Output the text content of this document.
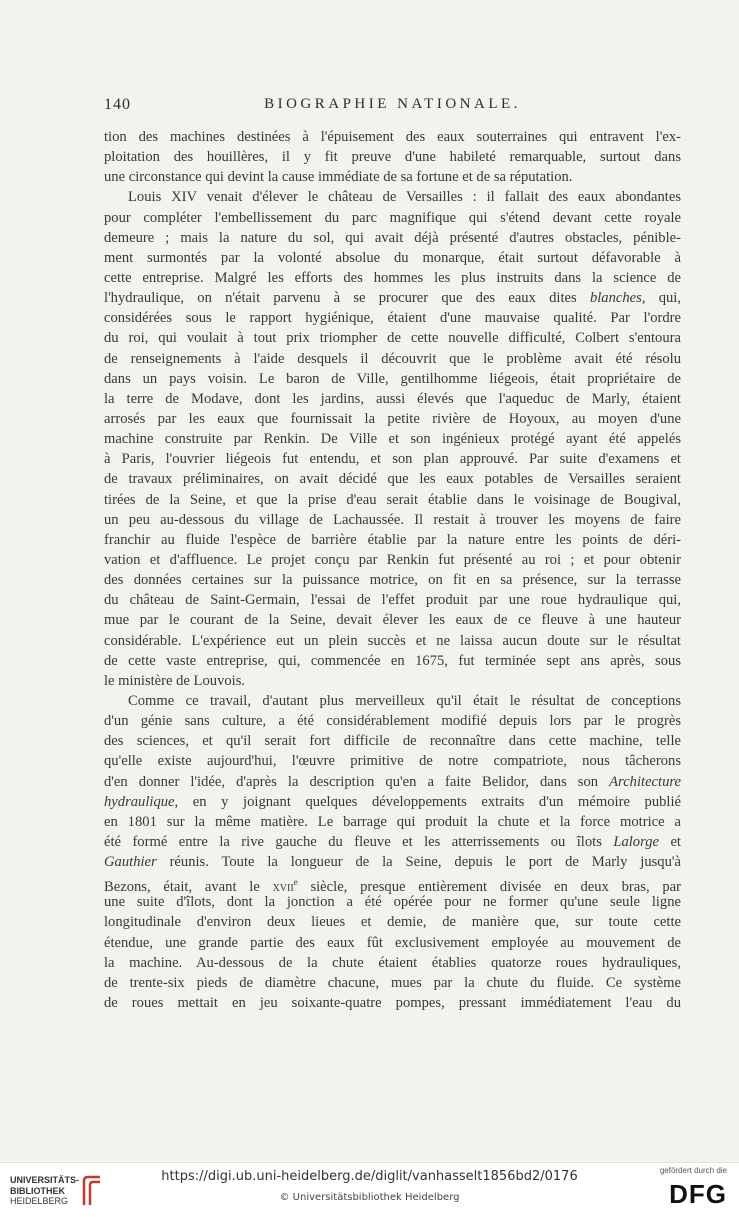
140	BIOGRAPHIE NATIONALE.
tion des machines destinées à l'épuisement des eaux souterraines qui entravent l'ex-
ploitation des houillères, il y fit preuve d'une habileté remarquable, surtout dans
une circonstance qui devint la cause immédiate de sa fortune et de sa réputation.
Louis XIV venait d'élever le château de Versailles : il fallait des eaux abondantes
pour compléter l'embellissement du parc magnifique qui s'étend devant cette royale
demeure ; mais la nature du sol, qui avait déjà présenté d'autres obstacles, pénible-
ment surmontés par la volonté absolue du monarque, était surtout défavorable à
cette entreprise. Malgré les efforts des hommes les plus instruits dans la science de
l'hydraulique, on n'était parvenu à se procurer que des eaux dites blanches, qui,
considérées sous le rapport hygiénique, étaient d'une mauvaise qualité. Par l'ordre
du roi, qui voulait à tout prix triompher de cette nouvelle difficulté, Colbert s'entoura
de renseignements à l'aide desquels il découvrit que le problème avait été résolu
dans un pays voisin. Le baron de Ville, gentilhomme liégeois, était propriétaire de
la terre de Modave, dont les jardins, aussi élevés que l'aqueduc de Marly, étaient
arrosés par les eaux que fournissait la petite rivière de Hoyoux, au moyen d'une
machine construite par Renkin. De Ville et son ingénieux protégé ayant été appelés
à Paris, l'ouvrier liégeois fut entendu, et son plan approuvé. Par suite d'examens et
de travaux préliminaires, on avait décidé que les eaux potables de Versailles seraient
tirées de la Seine, et que la prise d'eau serait établie dans le voisinage de Bougival,
un peu au-dessous du village de Lachaussée. Il restait à trouver les moyens de faire
franchir au fluide l'espèce de barrière établie par la nature entre les points de déri-
vation et d'affluence. Le projet conçu par Renkin fut présenté au roi ; et pour obtenir
des données certaines sur la puissance motrice, on fit en sa présence, sur la terrasse
du château de Saint-Germain, l'essai de l'effet produit par une roue hydraulique qui,
mue par le courant de la Seine, devait élever les eaux de ce fleuve à une hauteur
considérable. L'expérience eut un plein succès et ne laissa aucun doute sur le résultat
de cette vaste entreprise, qui, commencée en 1675, fut terminée sept ans après, sous
le ministère de Louvois.
Comme ce travail, d'autant plus merveilleux qu'il était le résultat de conceptions
d'un génie sans culture, a été considérablement modifié depuis lors par le progrès
des sciences, et qu'il serait fort difficile de reconnaître dans cette machine, telle
qu'elle existe aujourd'hui, l'œuvre primitive de notre compatriote, nous tâcherons
d'en donner l'idée, d'après la description qu'en a faite Belidor, dans son Architecture
hydraulique, en y joignant quelques développements extraits d'un mémoire publié
en 1801 sur la même matière. Le barrage qui produit la chute et la force motrice a
été formé entre la rive gauche du fleuve et les atterrissements ou îlots Lalorge et
Gauthier réunis. Toute la longueur de la Seine, depuis le port de Marly jusqu'à
Bezons, était, avant le xvii$^e$ siècle, presque entièrement divisée en deux bras, par
une suite d'îlots, dont la jonction a été opérée pour ne former qu'une seule ligne
longitudinale d'environ deux lieues et demie, de manière que, sur toute cette
étendue, une grande partie des eaux fût exclusivement employée au mouvement de
la machine. Au-dessous de la chute étaient établies quatorze roues hydrauliques,
de trente-six pieds de diamètre chacune, mues par la chute du fluide. Ce système
de roues mettait en jeu soixante-quatre pompes, pressant immédiatement l'eau du
UNIVERSITÄTS-
BIBLIOTHEK
HEIDELBERG
https://digi.ub.uni-heidelberg.de/diglit/vanhasselt1856bd2/0176
© Universitätsbibliothek Heidelberg
gefördert durch die
DFG
